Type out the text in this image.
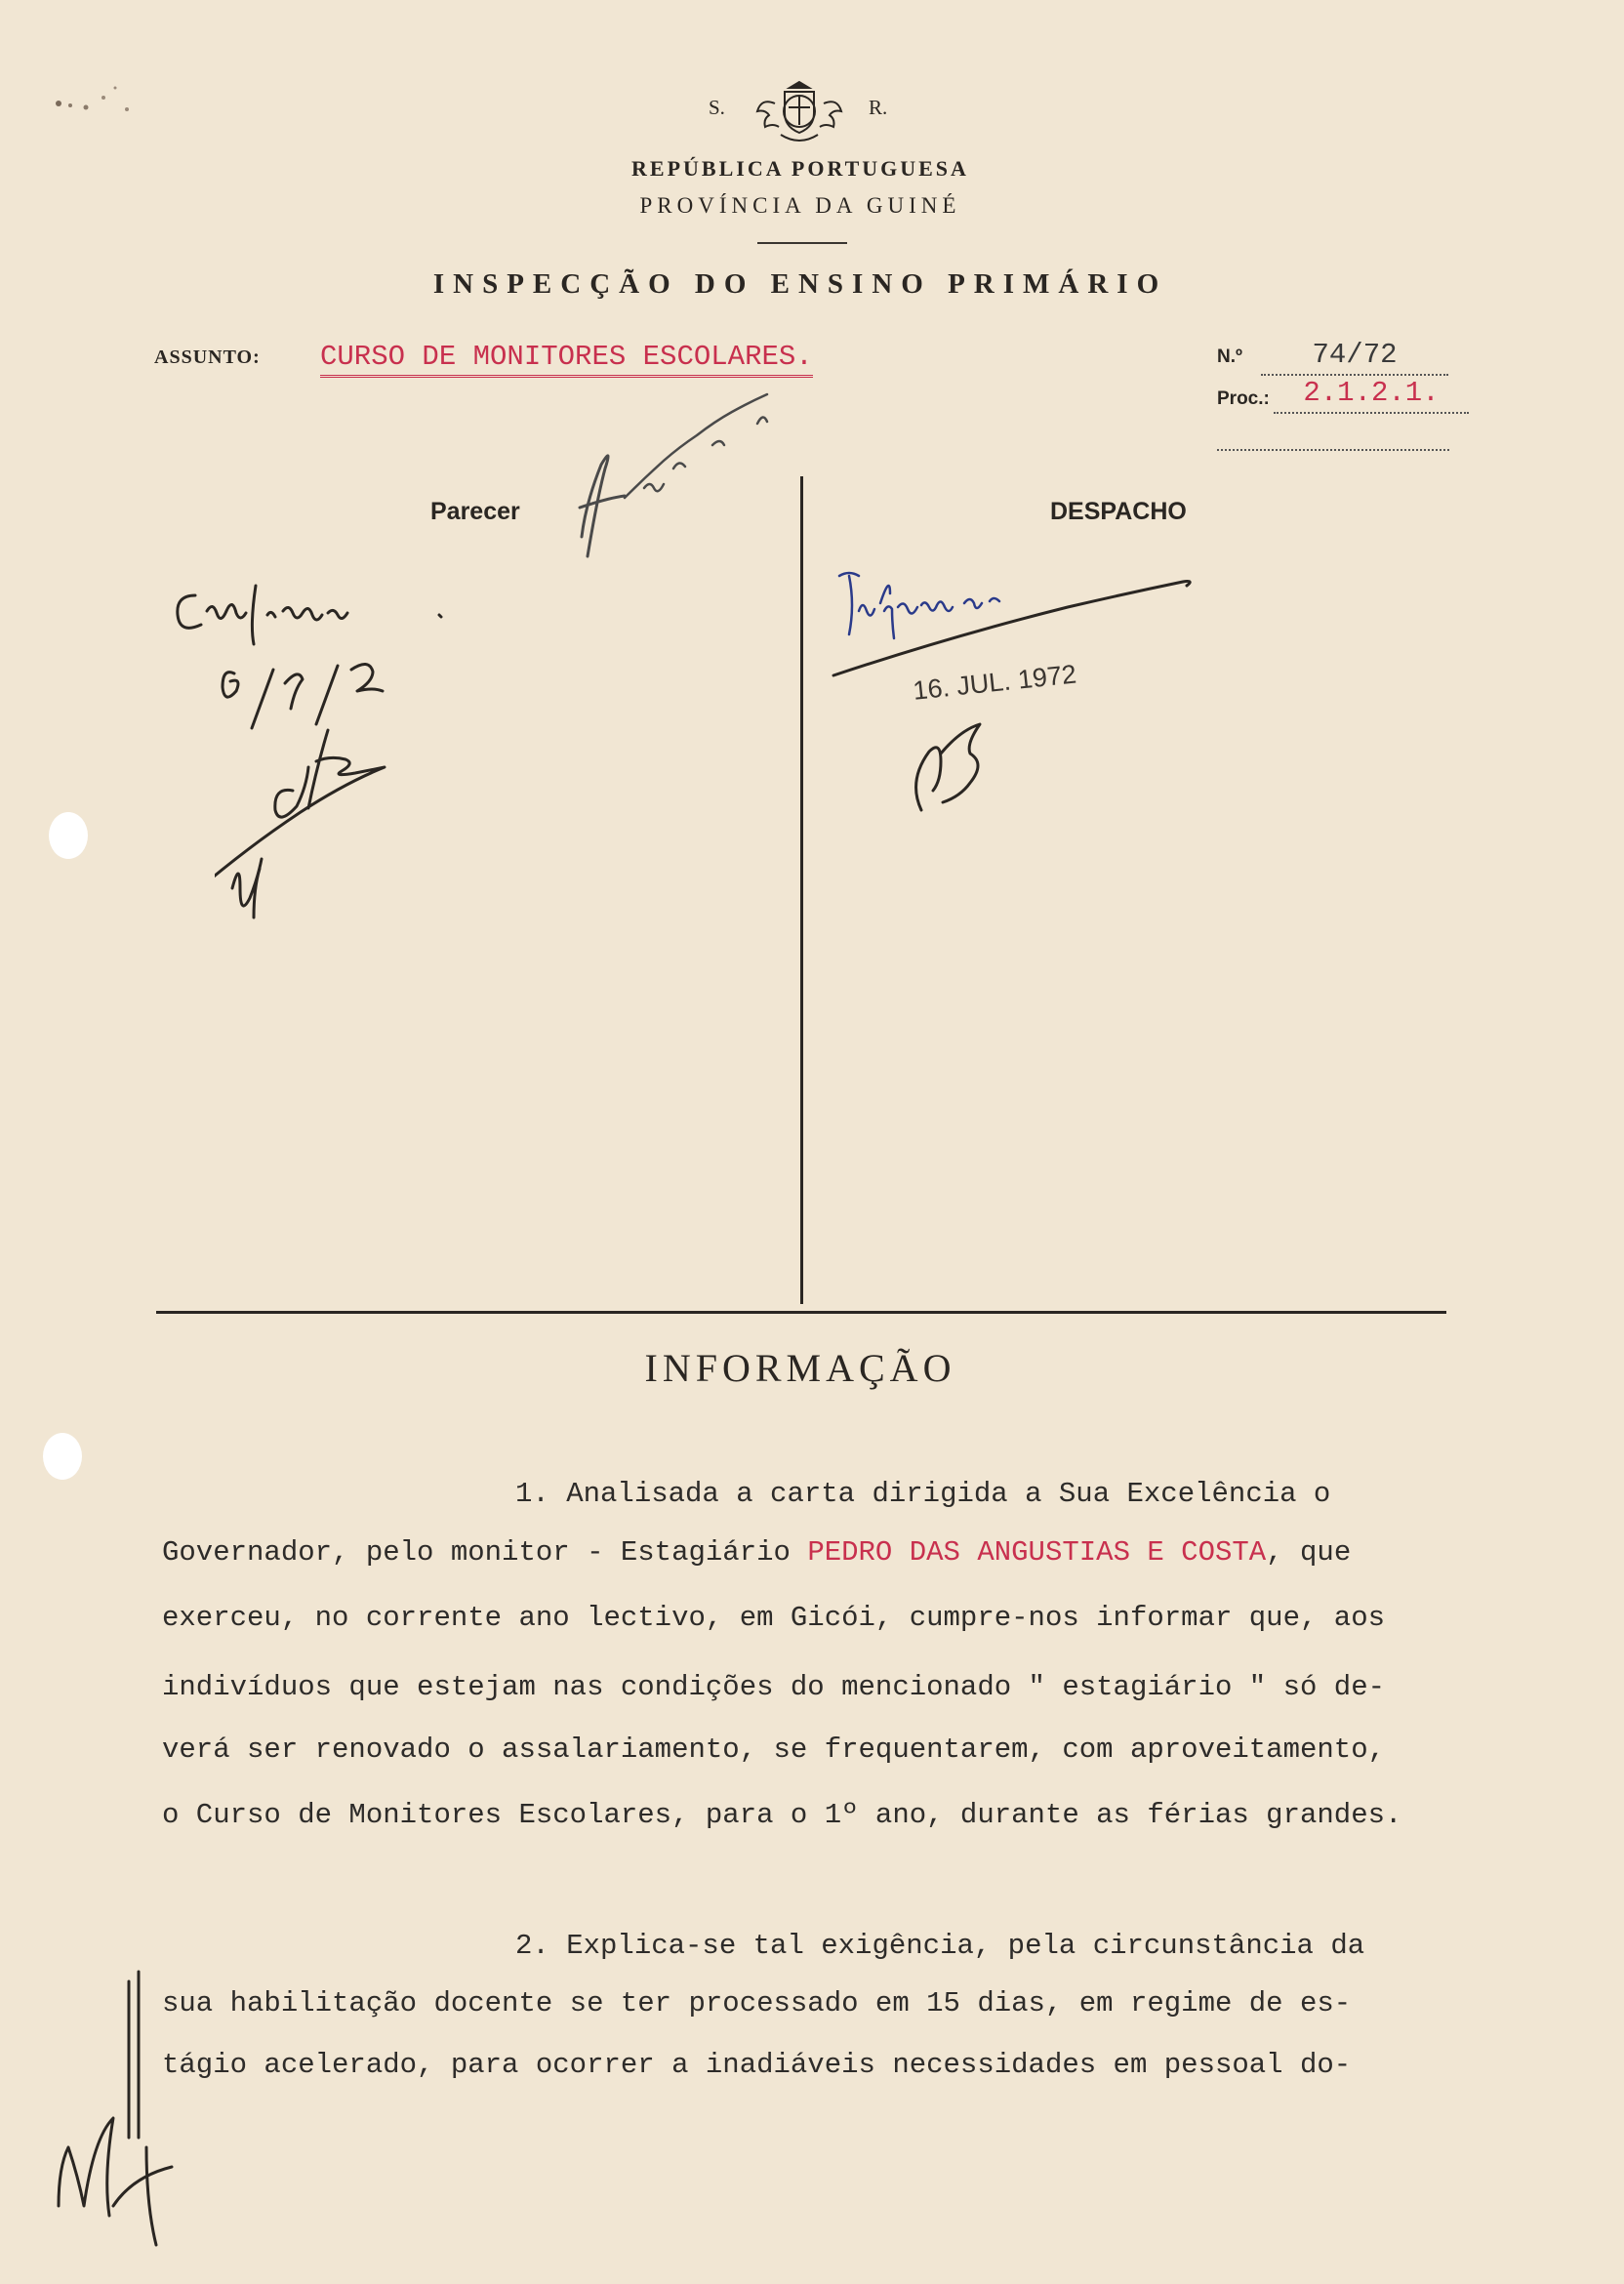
S.	R.
REPÚBLICA PORTUGUESA
PROVÍNCIA DA GUINÉ
INSPECÇÃO DO ENSINO PRIMÁRIO
ASSUNTO: CURSO DE MONITORES ESCOLARES.	N.º	74/72
Proc.:	2.1.2.1.
Parecer	DESPACHO
16. JUL. 1972
INFORMAÇÃO
1. Analisada a carta dirigida a Sua Excelência o
Governador, pelo monitor - Estagiário PEDRO DAS ANGUSTIAS E COSTA, que
exerceu, no corrente ano lectivo, em Gicói, cumpre-nos informar que, aos
indivíduos que estejam nas condições do mencionado " estagiário " só de-
verá ser renovado o assalariamento, se frequentarem, com aproveitamento,
o Curso de Monitores Escolares, para o 1º ano, durante as férias grandes.
2. Explica-se tal exigência, pela circunstância da
sua habilitação docente se ter processado em 15 dias, em regime de es-
tágio acelerado, para ocorrer a inadiáveis necessidades em pessoal do-
